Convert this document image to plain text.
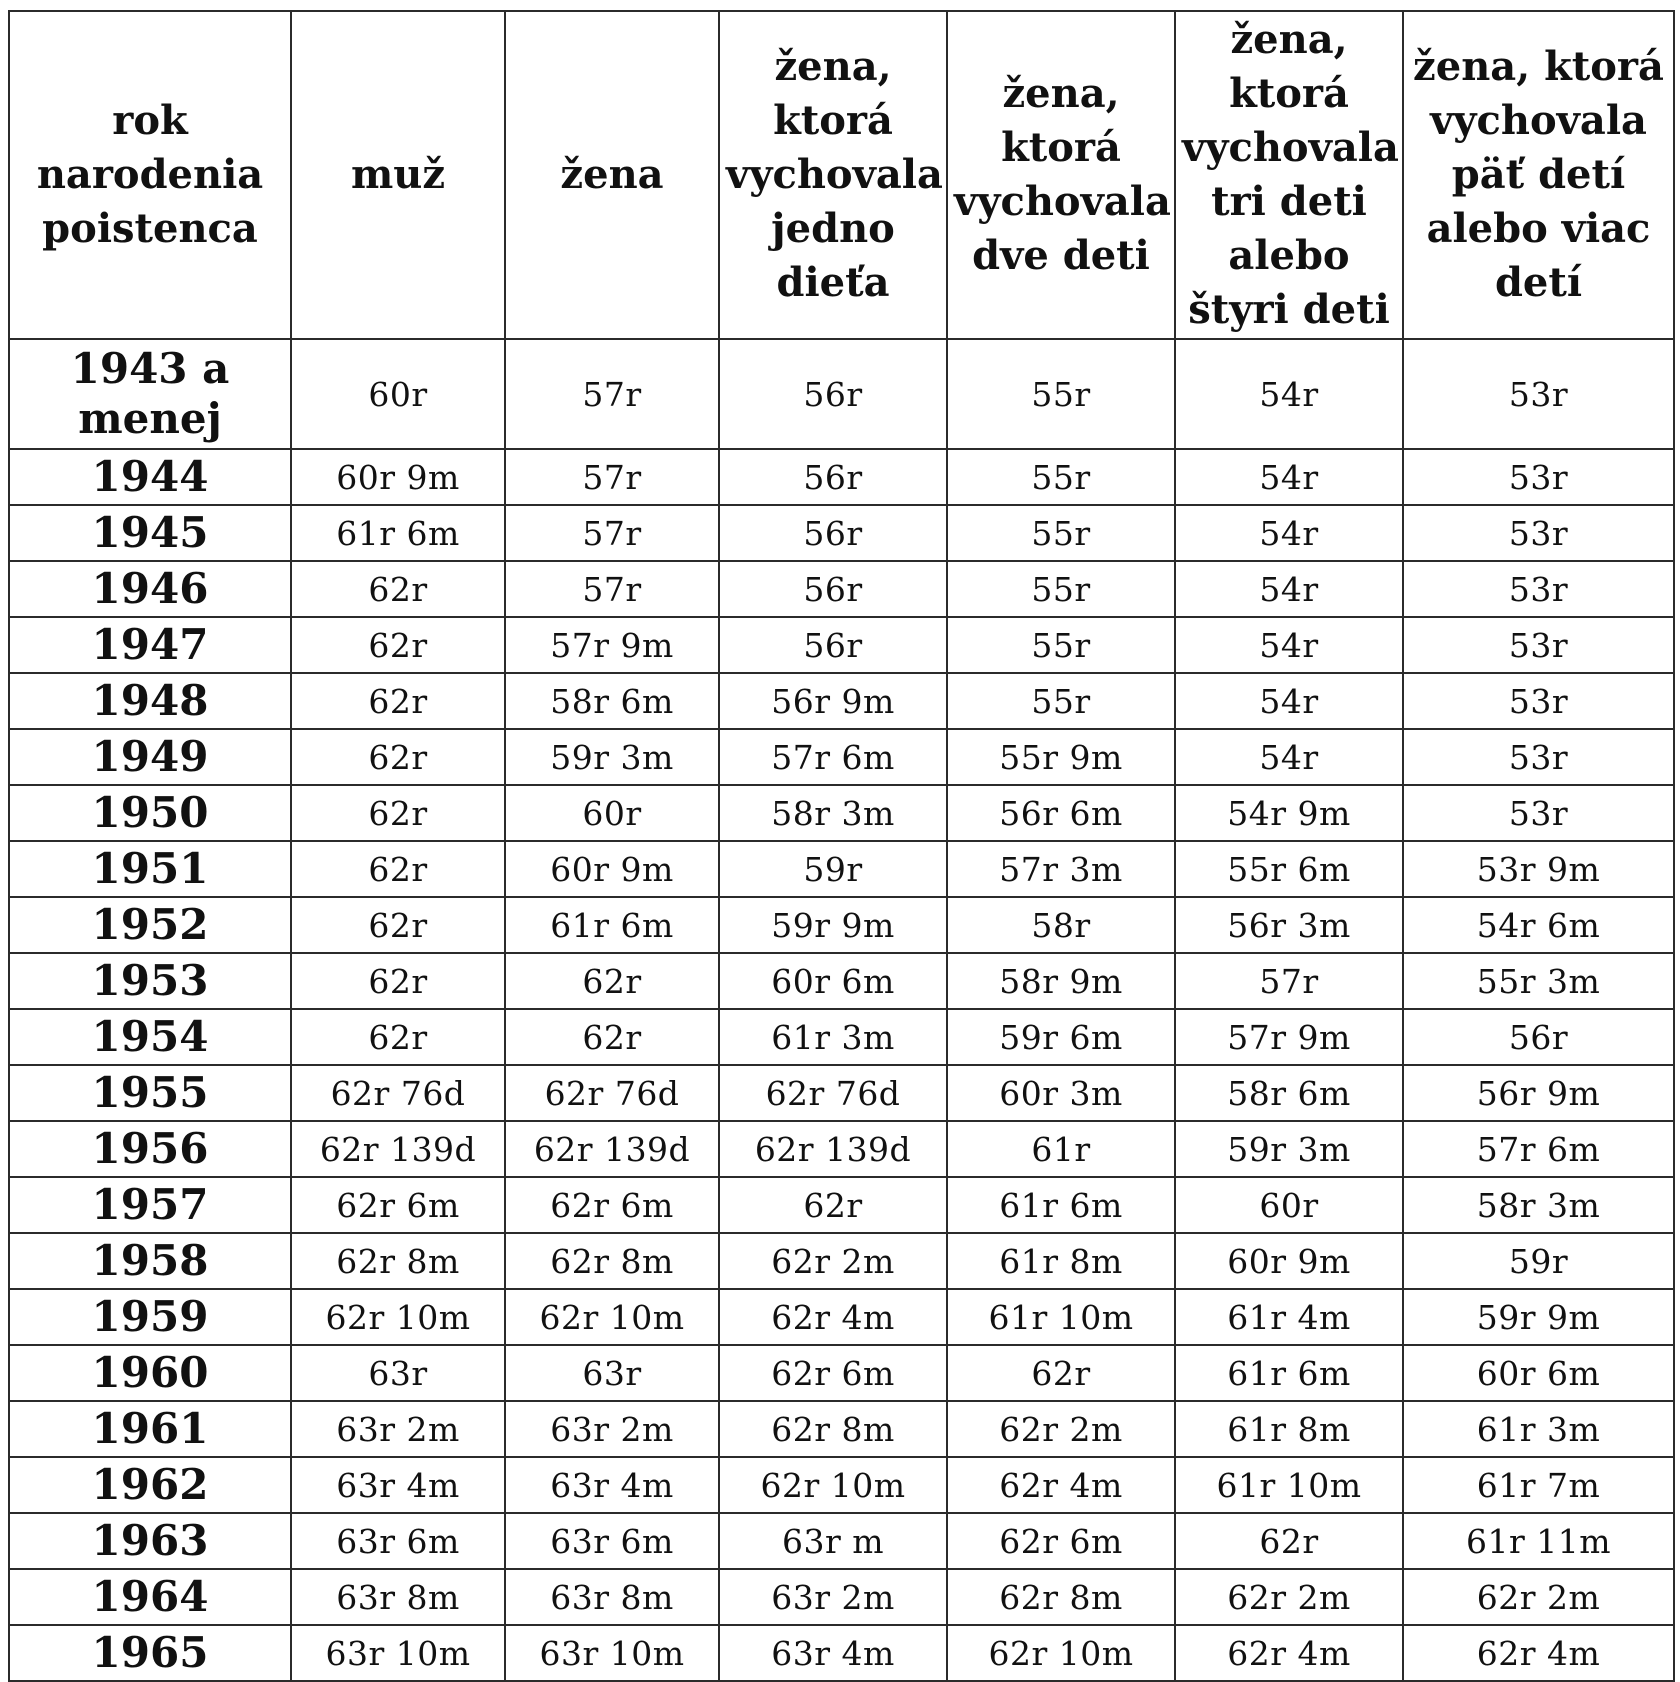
rok narodenia poistenca	muž	žena	žena, ktorá vychovala jedno dieťa	žena, ktorá vychovala dve deti	žena, ktorá vychovala tri deti alebo štyri deti	žena, ktorá vychovala päť detí alebo viac detí
1943 a menej	60r	57r	56r	55r	54r	53r
1944	60r 9m	57r	56r	55r	54r	53r
1945	61r 6m	57r	56r	55r	54r	53r
1946	62r	57r	56r	55r	54r	53r
1947	62r	57r 9m	56r	55r	54r	53r
1948	62r	58r 6m	56r 9m	55r	54r	53r
1949	62r	59r 3m	57r 6m	55r 9m	54r	53r
1950	62r	60r	58r 3m	56r 6m	54r 9m	53r
1951	62r	60r 9m	59r	57r 3m	55r 6m	53r 9m
1952	62r	61r 6m	59r 9m	58r	56r 3m	54r 6m
1953	62r	62r	60r 6m	58r 9m	57r	55r 3m
1954	62r	62r	61r 3m	59r 6m	57r 9m	56r
1955	62r 76d	62r 76d	62r 76d	60r 3m	58r 6m	56r 9m
1956	62r 139d	62r 139d	62r 139d	61r	59r 3m	57r 6m
1957	62r 6m	62r 6m	62r	61r 6m	60r	58r 3m
1958	62r 8m	62r 8m	62r 2m	61r 8m	60r 9m	59r
1959	62r 10m	62r 10m	62r 4m	61r 10m	61r 4m	59r 9m
1960	63r	63r	62r 6m	62r	61r 6m	60r 6m
1961	63r 2m	63r 2m	62r 8m	62r 2m	61r 8m	61r 3m
1962	63r 4m	63r 4m	62r 10m	62r 4m	61r 10m	61r 7m
1963	63r 6m	63r 6m	63r m	62r 6m	62r	61r 11m
1964	63r 8m	63r 8m	63r 2m	62r 8m	62r 2m	62r 2m
1965	63r 10m	63r 10m	63r 4m	62r 10m	62r 4m	62r 4m
